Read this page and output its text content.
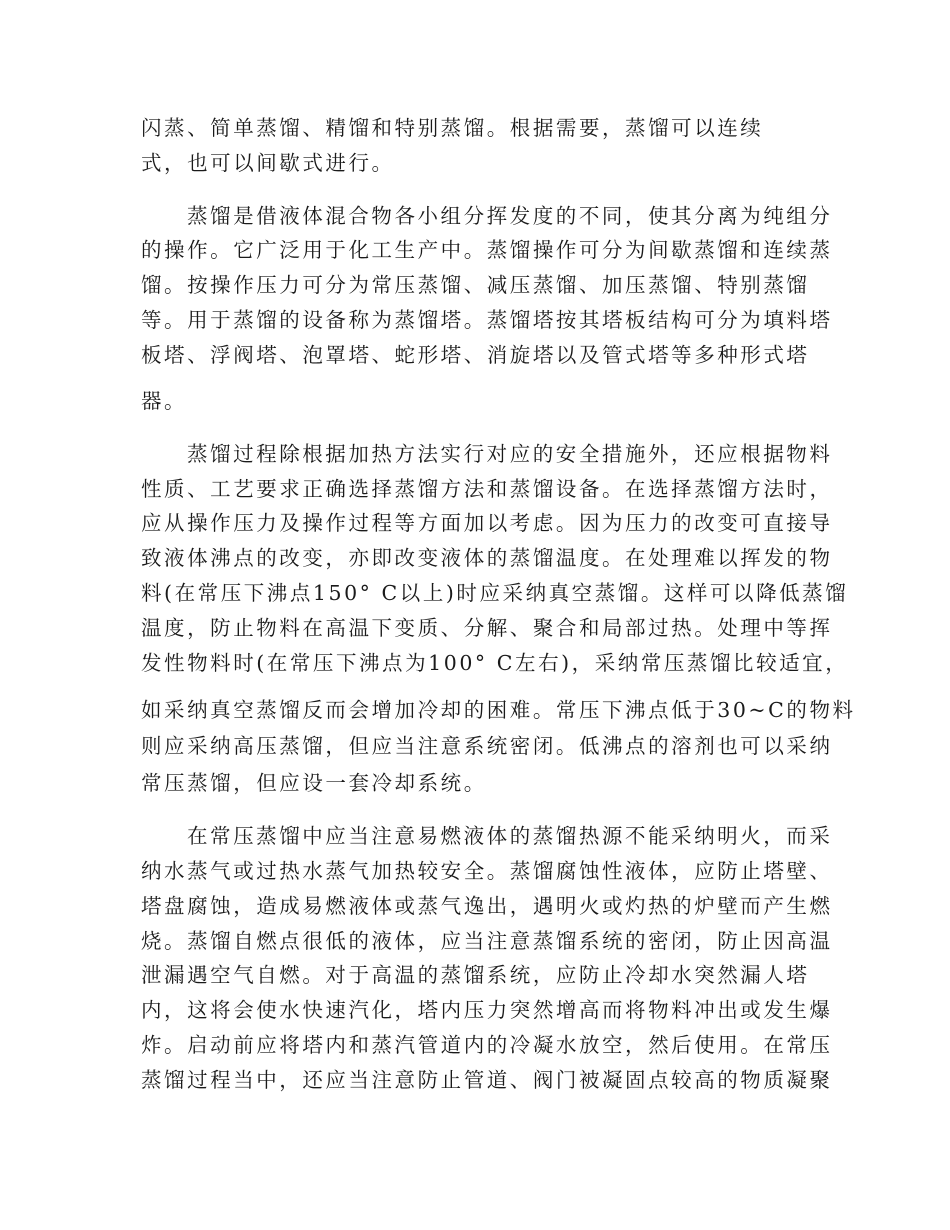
闪蒸、简单蒸馏、精馏和特别蒸馏。根据需要，蒸馏可以连续
式，也可以间歇式进行。
蒸馏是借液体混合物各小组分挥发度的不同，使其分离为纯组分
的操作。它广泛用于化工生产中。蒸馏操作可分为间歇蒸馏和连续蒸
馏。按操作压力可分为常压蒸馏、减压蒸馏、加压蒸馏、特别蒸馏
等。用于蒸馏的设备称为蒸馏塔。蒸馏塔按其塔板结构可分为填料塔
板塔、浮阀塔、泡罩塔、蛇形塔、消旋塔以及管式塔等多种形式塔
器。
蒸馏过程除根据加热方法实行对应的安全措施外，还应根据物料
性质、工艺要求正确选择蒸馏方法和蒸馏设备。在选择蒸馏方法时，
应从操作压力及操作过程等方面加以考虑。因为压力的改变可直接导
致液体沸点的改变，亦即改变液体的蒸馏温度。在处理难以挥发的物
料(在常压下沸点150° C以上)时应采纳真空蒸馏。这样可以降低蒸馏
温度，防止物料在高温下变质、分解、聚合和局部过热。处理中等挥
发性物料时(在常压下沸点为100° C左右)，采纳常压蒸馏比较适宜，
如采纳真空蒸馏反而会增加冷却的困难。常压下沸点低于30~C的物料
则应采纳高压蒸馏，但应当注意系统密闭。低沸点的溶剂也可以采纳
常压蒸馏，但应设一套冷却系统。
在常压蒸馏中应当注意易燃液体的蒸馏热源不能采纳明火，而采
纳水蒸气或过热水蒸气加热较安全。蒸馏腐蚀性液体，应防止塔壁、
塔盘腐蚀，造成易燃液体或蒸气逸出，遇明火或灼热的炉壁而产生燃
烧。蒸馏自燃点很低的液体，应当注意蒸馏系统的密闭，防止因高温
泄漏遇空气自燃。对于高温的蒸馏系统，应防止冷却水突然漏人塔
内，这将会使水快速汽化，塔内压力突然增高而将物料冲出或发生爆
炸。启动前应将塔内和蒸汽管道内的冷凝水放空，然后使用。在常压
蒸馏过程当中，还应当注意防止管道、阀门被凝固点较高的物质凝聚
